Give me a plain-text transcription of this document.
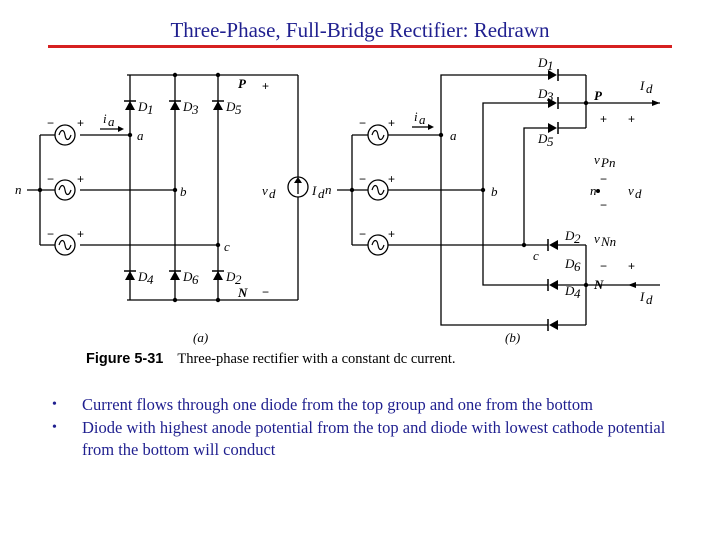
Three-Phase, Full-Bridge Rectifier: Redrawn
− +
− +
− +
i a
n
a
b
c
P +
N −
v d	I d
D 1 D 3 D 5
D 4 D 6 D 2
(a)
− +
− +
− +
i a
n
a
b
c
P
N
+ +
− +
−
−
v Pn
v Nn
n v d
I d
I d
D 1
D 3
D 5
D 2
D 6
D 4
(b)
Figure 5-31 Three-phase rectifier with a constant dc current.
• Current flows through one diode from the top group and one from the bottom
• Diode with highest anode potential from the top and diode with lowest cathode potential from the bottom will conduct
